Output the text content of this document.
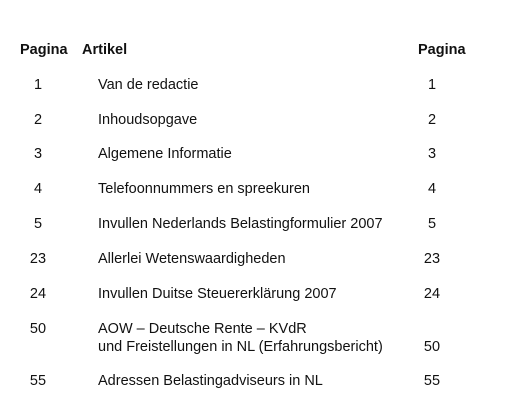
Pagina Artikel	Pagina
1	Van de redactie	1
2	Inhoudsopgave	2
3	Algemene Informatie	3
4	Telefoonnummers en spreekuren	4
5	Invullen Nederlands Belastingformulier 2007	5
23	Allerlei Wetenswaardigheden	23
24	Invullen Duitse Steuererklärung 2007	24
50	AOW – Deutsche Rente – KVdR
und Freistellungen in NL (Erfahrungsbericht)	50
55	Adressen Belastingadviseurs in NL	55
